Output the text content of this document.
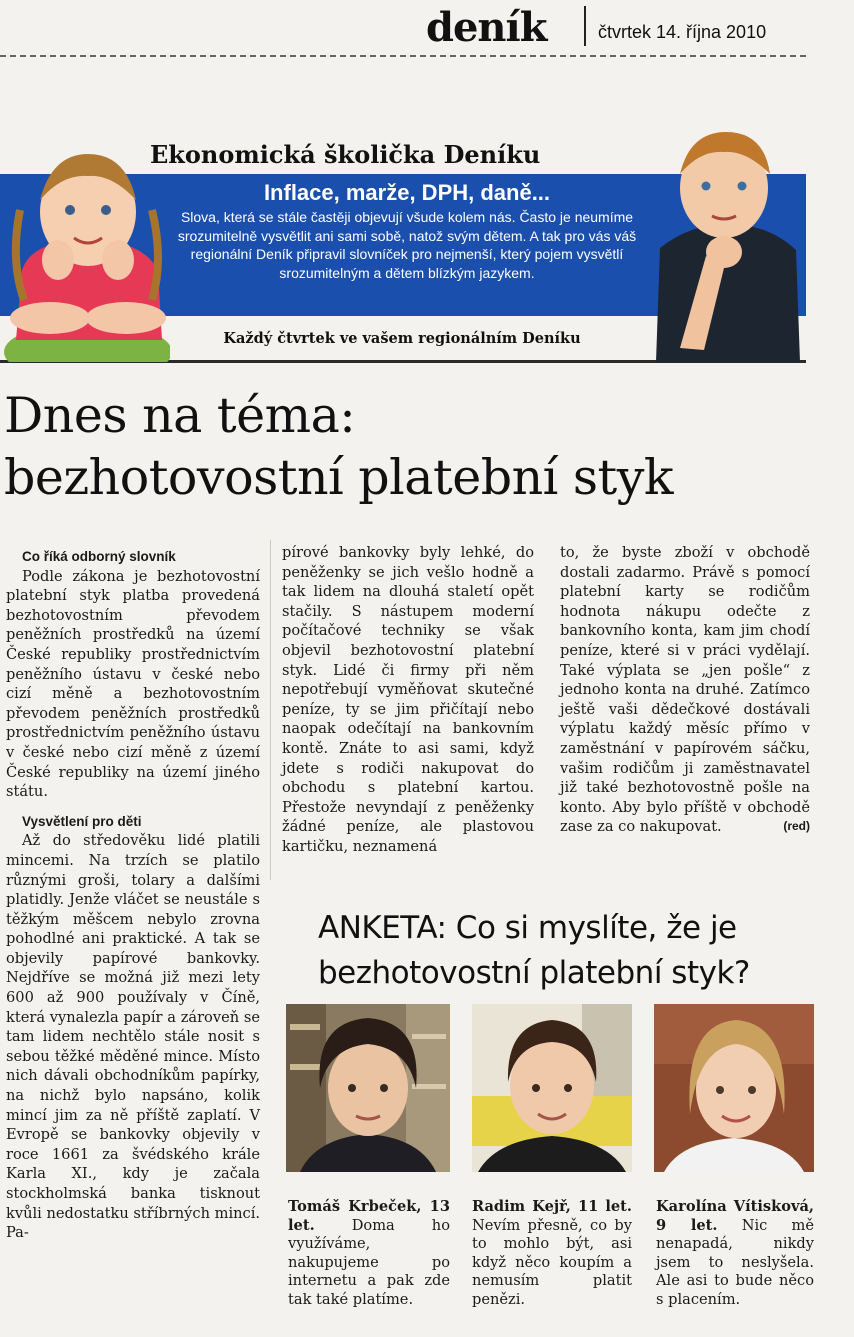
deník	čtvrtek 14. října 2010
Ekonomická školička Deníku
Inflace, marže, DPH, daně...
Slova, která se stále častěji objevují všude kolem nás. Často je neumíme srozumitelně vysvětlit ani sami sobě, natož svým dětem. A tak pro vás váš regionální Deník připravil slovníček pro nejmenší, který pojem vysvětlí srozumitelným a dětem blízkým jazykem.
Každý čtvrtek ve vašem regionálním Deníku
Dnes na téma:
bezhotovostní platební styk

Co říká odborný slovník

Podle zákona je bezhotovostní platební styk platba provedená bezhotovostním převodem peněžních prostředků na území České republiky prostřednictvím peněžního ústavu v české nebo cizí měně a bezhotovostním převodem peněžních prostředků prostřednictvím peněžního ústavu v české nebo cizí měně z území České republiky na území jiného státu.

Vysvětlení pro děti

Až do středověku lidé platili mincemi. Na trzích se platilo různými groši, tolary a dalšími platidly. Jenže vláčet se neustále s těžkým měšcem nebylo zrovna pohodlné ani praktické. A tak se objevily papírové bankovky. Nejdříve se možná již mezi lety 600 až 900 používaly v Číně, která vynalezla papír a zároveň se tam lidem nechtělo stále nosit s sebou těžké měděné mince. Místo nich dávali obchodníkům papírky, na nichž bylo napsáno, kolik mincí jim za ně příště zaplatí. V Evropě se bankovky objevily v roce 1661 za švédského krále Karla XI., kdy je začala stockholmská banka tisknout kvůli nedostatku stříbrných mincí. Pa-

pírové bankovky byly lehké, do peněženky se jich vešlo hodně a tak lidem na dlouhá staletí opět stačily. S nástupem moderní počítačové techniky se však objevil bezhotovostní platební styk. Lidé či firmy při něm nepotřebují vyměňovat skutečné peníze, ty se jim přičítají nebo naopak odečítají na bankovním kontě. Znáte to asi sami, když jdete s rodiči nakupovat do obchodu s platební kartou. Přestože nevyndají z peněženky žádné peníze, ale plastovou kartičku, neznamená

to, že byste zboží v obchodě dostali zadarmo. Právě s pomocí platební karty se rodičům hodnota nákupu odečte z bankovního konta, kam jim chodí peníze, které si v práci vydělají. Také výplata se „jen pošle“ z jednoho konta na druhé. Zatímco ještě vaši dědečkové dostávali výplatu každý měsíc přímo v zaměstnání v papírovém sáčku, vašim rodičům ji zaměstnavatel již také bezhotovostně pošle na konto. Aby bylo příště v obchodě zase za co nakupovat.	(red)

ANKETA: Co si myslíte, že je
bezhotovostní platební styk?
Tomáš Krbeček, 13 let.	Doma ho využíváme, nakupujeme po internetu a pak zde tak také platíme.
Radim Kejř, 11 let. Nevím přesně, co by to mohlo být, asi když něco koupím a nemusím platit penězi.
Karolína Vítisková, 9 let. Nic mě nenapadá, nikdy jsem to neslyšela. Ale asi to bude něco s placením.
